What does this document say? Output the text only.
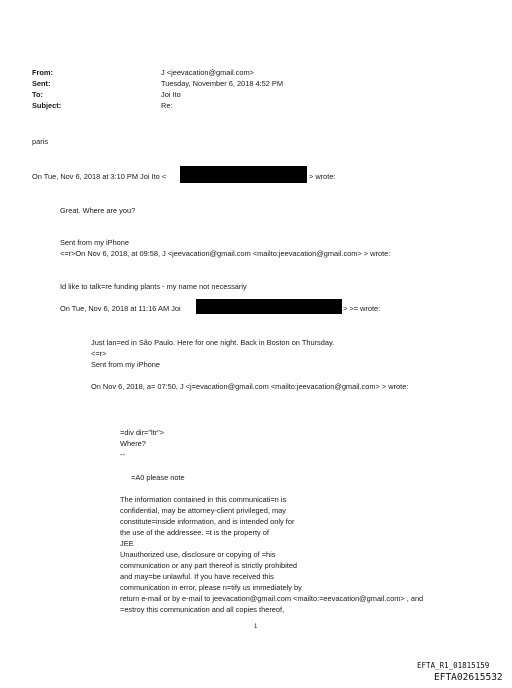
From:	J <jeevacation@gmail.com>
Sent:	Tuesday, November 6, 2018 4:52 PM
To:	Joi Ito
Subject:	Re:
paris
On Tue, Nov 6, 2018 at 3:10 PM Joi Ito <	> wrote:
Great. Where are you?
Sent from my iPhone
<=r>On Nov 6, 2018, at 09:58, J <jeevacation@gmail.com <mailto:jeevacation@gmail.com> > wrote:
Id like to talk=re funding plants - my name not necessariy
On Tue, Nov 6, 2018 at 11:16 AM Joi	> >= wrote:
Just lan=ed in São Paulo. Here for one night. Back in Boston on Thursday.
<=r>
Sent from my iPhone
On Nov 6, 2018, a= 07:50, J <j=evacation@gmail.com <mailto:jeevacation@gmail.com> > wrote:
=div dir="ltr">
Where?
--
=A0 please note
The information contained in this communicati=n is
confidential, may be attorney-client privileged, may
constitute=inside information, and is intended only for
the use of the addressee. =t is the property of
JEE
Unauthorized use, disclosure or copying of =his
communication or any part thereof is strictly prohibited
and may=be unlawful. If you have received this
communication in error, please n=tify us immediately by
return e-mail or by e-mail to jeevacation@gmail.com <mailto:=eevacation@gmail.com> , and
=estroy this communication and all copies thereof,
1
EFTA_R1_01815159
EFTA02615532
